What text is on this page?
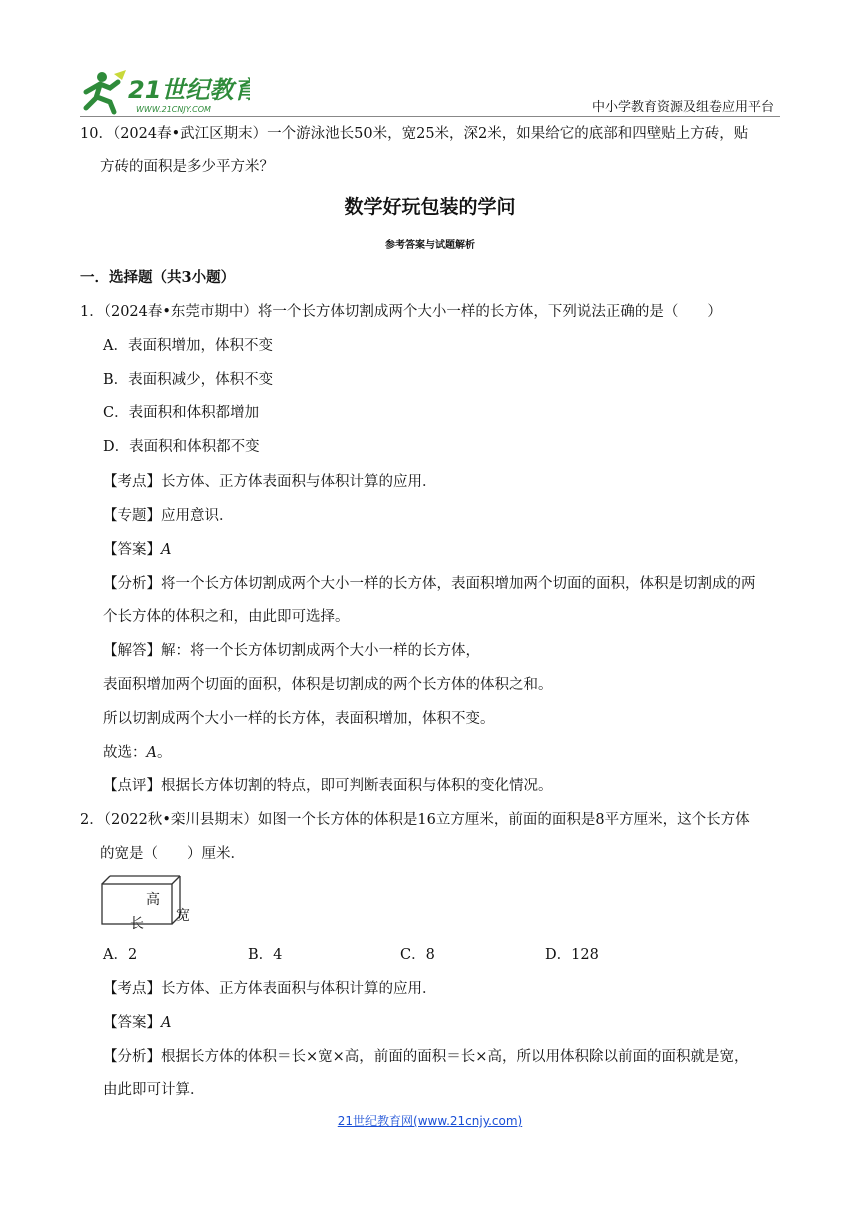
21世纪教育
WWW.21CNJY.COM	中小学教育资源及组卷应用平台
10．（2024春•武江区期末）一个游泳池长50米，宽25米，深2米，如果给它的底部和四壁贴上方砖，贴
方砖的面积是多少平方米？
数学好玩包装的学问
参考答案与试题解析
一．选择题（共3小题）
1．（2024春•东莞市期中）将一个长方体切割成两个大小一样的长方体，下列说法正确的是（　　）
A．表面积增加，体积不变
B．表面积减少，体积不变
C．表面积和体积都增加
D．表面积和体积都不变
【考点】长方体、正方体表面积与体积计算的应用．
【专题】应用意识．
【答案】A
【分析】将一个长方体切割成两个大小一样的长方体，表面积增加两个切面的面积，体积是切割成的两
个长方体的体积之和，由此即可选择。
【解答】解：将一个长方体切割成两个大小一样的长方体，
表面积增加两个切面的面积，体积是切割成的两个长方体的体积之和。
所以切割成两个大小一样的长方体，表面积增加，体积不变。
故选：A。
【点评】根据长方体切割的特点，即可判断表面积与体积的变化情况。
2．（2022秋•栾川县期末）如图一个长方体的体积是16立方厘米，前面的面积是8平方厘米，这个长方体
的宽是（　　）厘米．
高
长 宽
A．2	B．4	C．8	D．128
【考点】长方体、正方体表面积与体积计算的应用．
【答案】A
【分析】根据长方体的体积＝长×宽×高，前面的面积＝长×高，所以用体积除以前面的面积就是宽，
由此即可计算．
21世纪教育网(www.21cnjy.com)
